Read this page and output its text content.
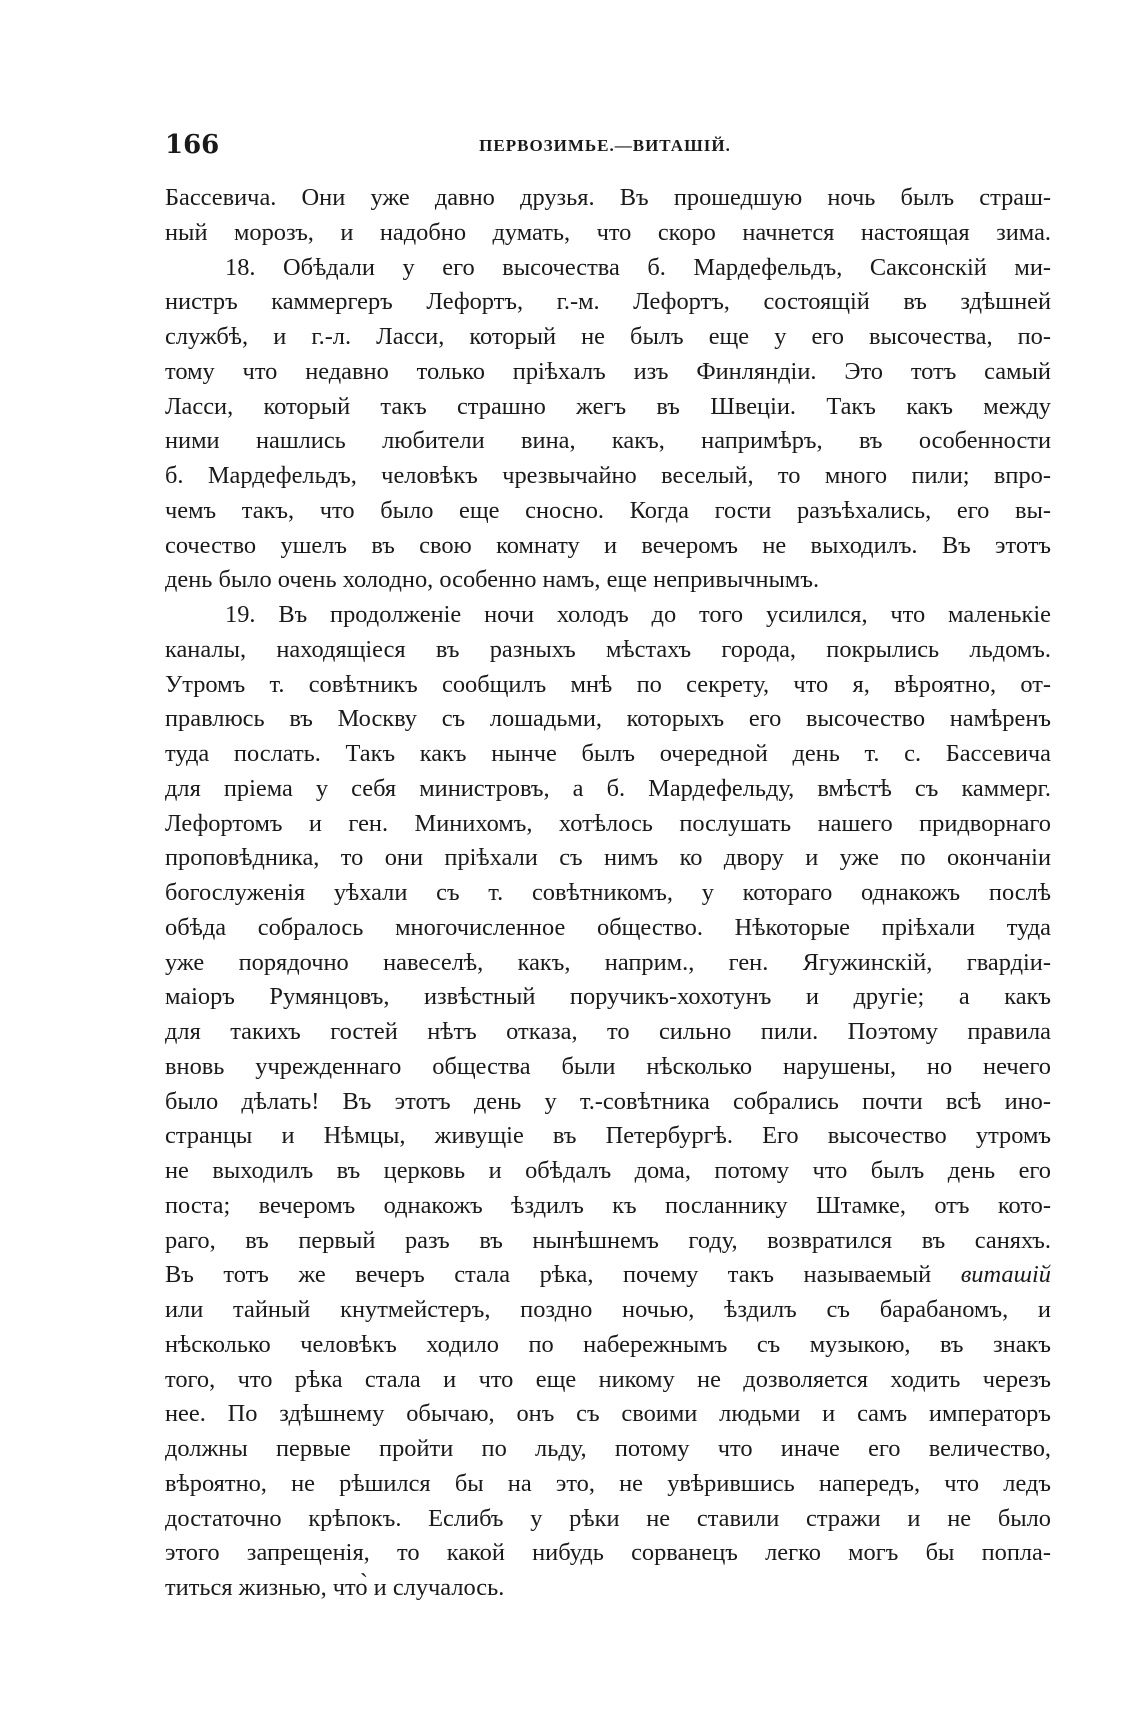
166	ПЕРВОЗИМЬЕ.—ВИТАШІЙ.
Бассевича. Они уже давно друзья. Въ прошедшую ночь былъ страш-
ный морозъ, и надобно думать, что скоро начнется настоящая зима.
18. Обѣдали у его высочества б. Мардефельдъ, Саксонскій ми-
нистръ каммергеръ Лефортъ, г.-м. Лефортъ, состоящій въ здѣшней
службѣ, и г.-л. Ласси, который не былъ еще у его высочества, по-
тому что недавно только пріѣхалъ изъ Финляндіи. Это тотъ самый
Ласси, который такъ страшно жегъ въ Швеціи. Такъ какъ между
ними нашлись любители вина, какъ, напримѣръ, въ особенности
б. Мардефельдъ, человѣкъ чрезвычайно веселый, то много пили; впро-
чемъ такъ, что было еще сносно. Когда гости разъѣхались, его вы-
сочество ушелъ въ свою комнату и вечеромъ не выходилъ. Въ этотъ
день было очень холодно, особенно намъ, еще непривычнымъ.
19. Въ продолженіе ночи холодъ до того усилился, что маленькіе
каналы, находящіеся въ разныхъ мѣстахъ города, покрылись льдомъ.
Утромъ т. совѣтникъ сообщилъ мнѣ по секрету, что я, вѣроятно, от-
правлюсь въ Москву съ лошадьми, которыхъ его высочество намѣренъ
туда послать. Такъ какъ нынче былъ очередной день т. с. Бассевича
для пріема у себя министровъ, а б. Мардефельду, вмѣстѣ съ каммерг.
Лефортомъ и ген. Минихомъ, хотѣлось послушать нашего придворнаго
проповѣдника, то они пріѣхали съ нимъ ко двору и уже по окончаніи
богослуженія уѣхали съ т. совѣтникомъ, у котораго однакожъ послѣ
обѣда собралось многочисленное общество. Нѣкоторые пріѣхали туда
уже порядочно навеселѣ, какъ, наприм., ген. Ягужинскій, гвардіи-
маіоръ Румянцовъ, извѣстный поручикъ-хохотунъ и другіе; а какъ
для такихъ гостей нѣтъ отказа, то сильно пили. Поэтому правила
вновь учрежденнаго общества были нѣсколько нарушены, но нечего
было дѣлать! Въ этотъ день у т.-совѣтника собрались почти всѣ ино-
странцы и Нѣмцы, живущіе въ Петербургѣ. Его высочество утромъ
не выходилъ въ церковь и обѣдалъ дома, потому что былъ день его
поста; вечеромъ однакожъ ѣздилъ къ посланнику Штамке, отъ кото-
раго, въ первый разъ въ нынѣшнемъ году, возвратился въ саняхъ.
Въ тотъ же вечеръ стала рѣка, почему такъ называемый виташій
или тайный кнутмейстеръ, поздно ночью, ѣздилъ съ барабаномъ, и
нѣсколько человѣкъ ходило по набережнымъ съ музыкою, въ знакъ
того, что рѣка стала и что еще никому не дозволяется ходить черезъ
нее. По здѣшнему обычаю, онъ съ своими людьми и самъ императоръ
должны первые пройти по льду, потому что иначе его величество,
вѣроятно, не рѣшился бы на это, не увѣрившись напередъ, что ледъ
достаточно крѣпокъ. Еслибъ у рѣки не ставили стражи и не было
этого запрещенія, то какой нибудь сорванецъ легко могъ бы попла-
титься жизнью, что̀ и случалось.
